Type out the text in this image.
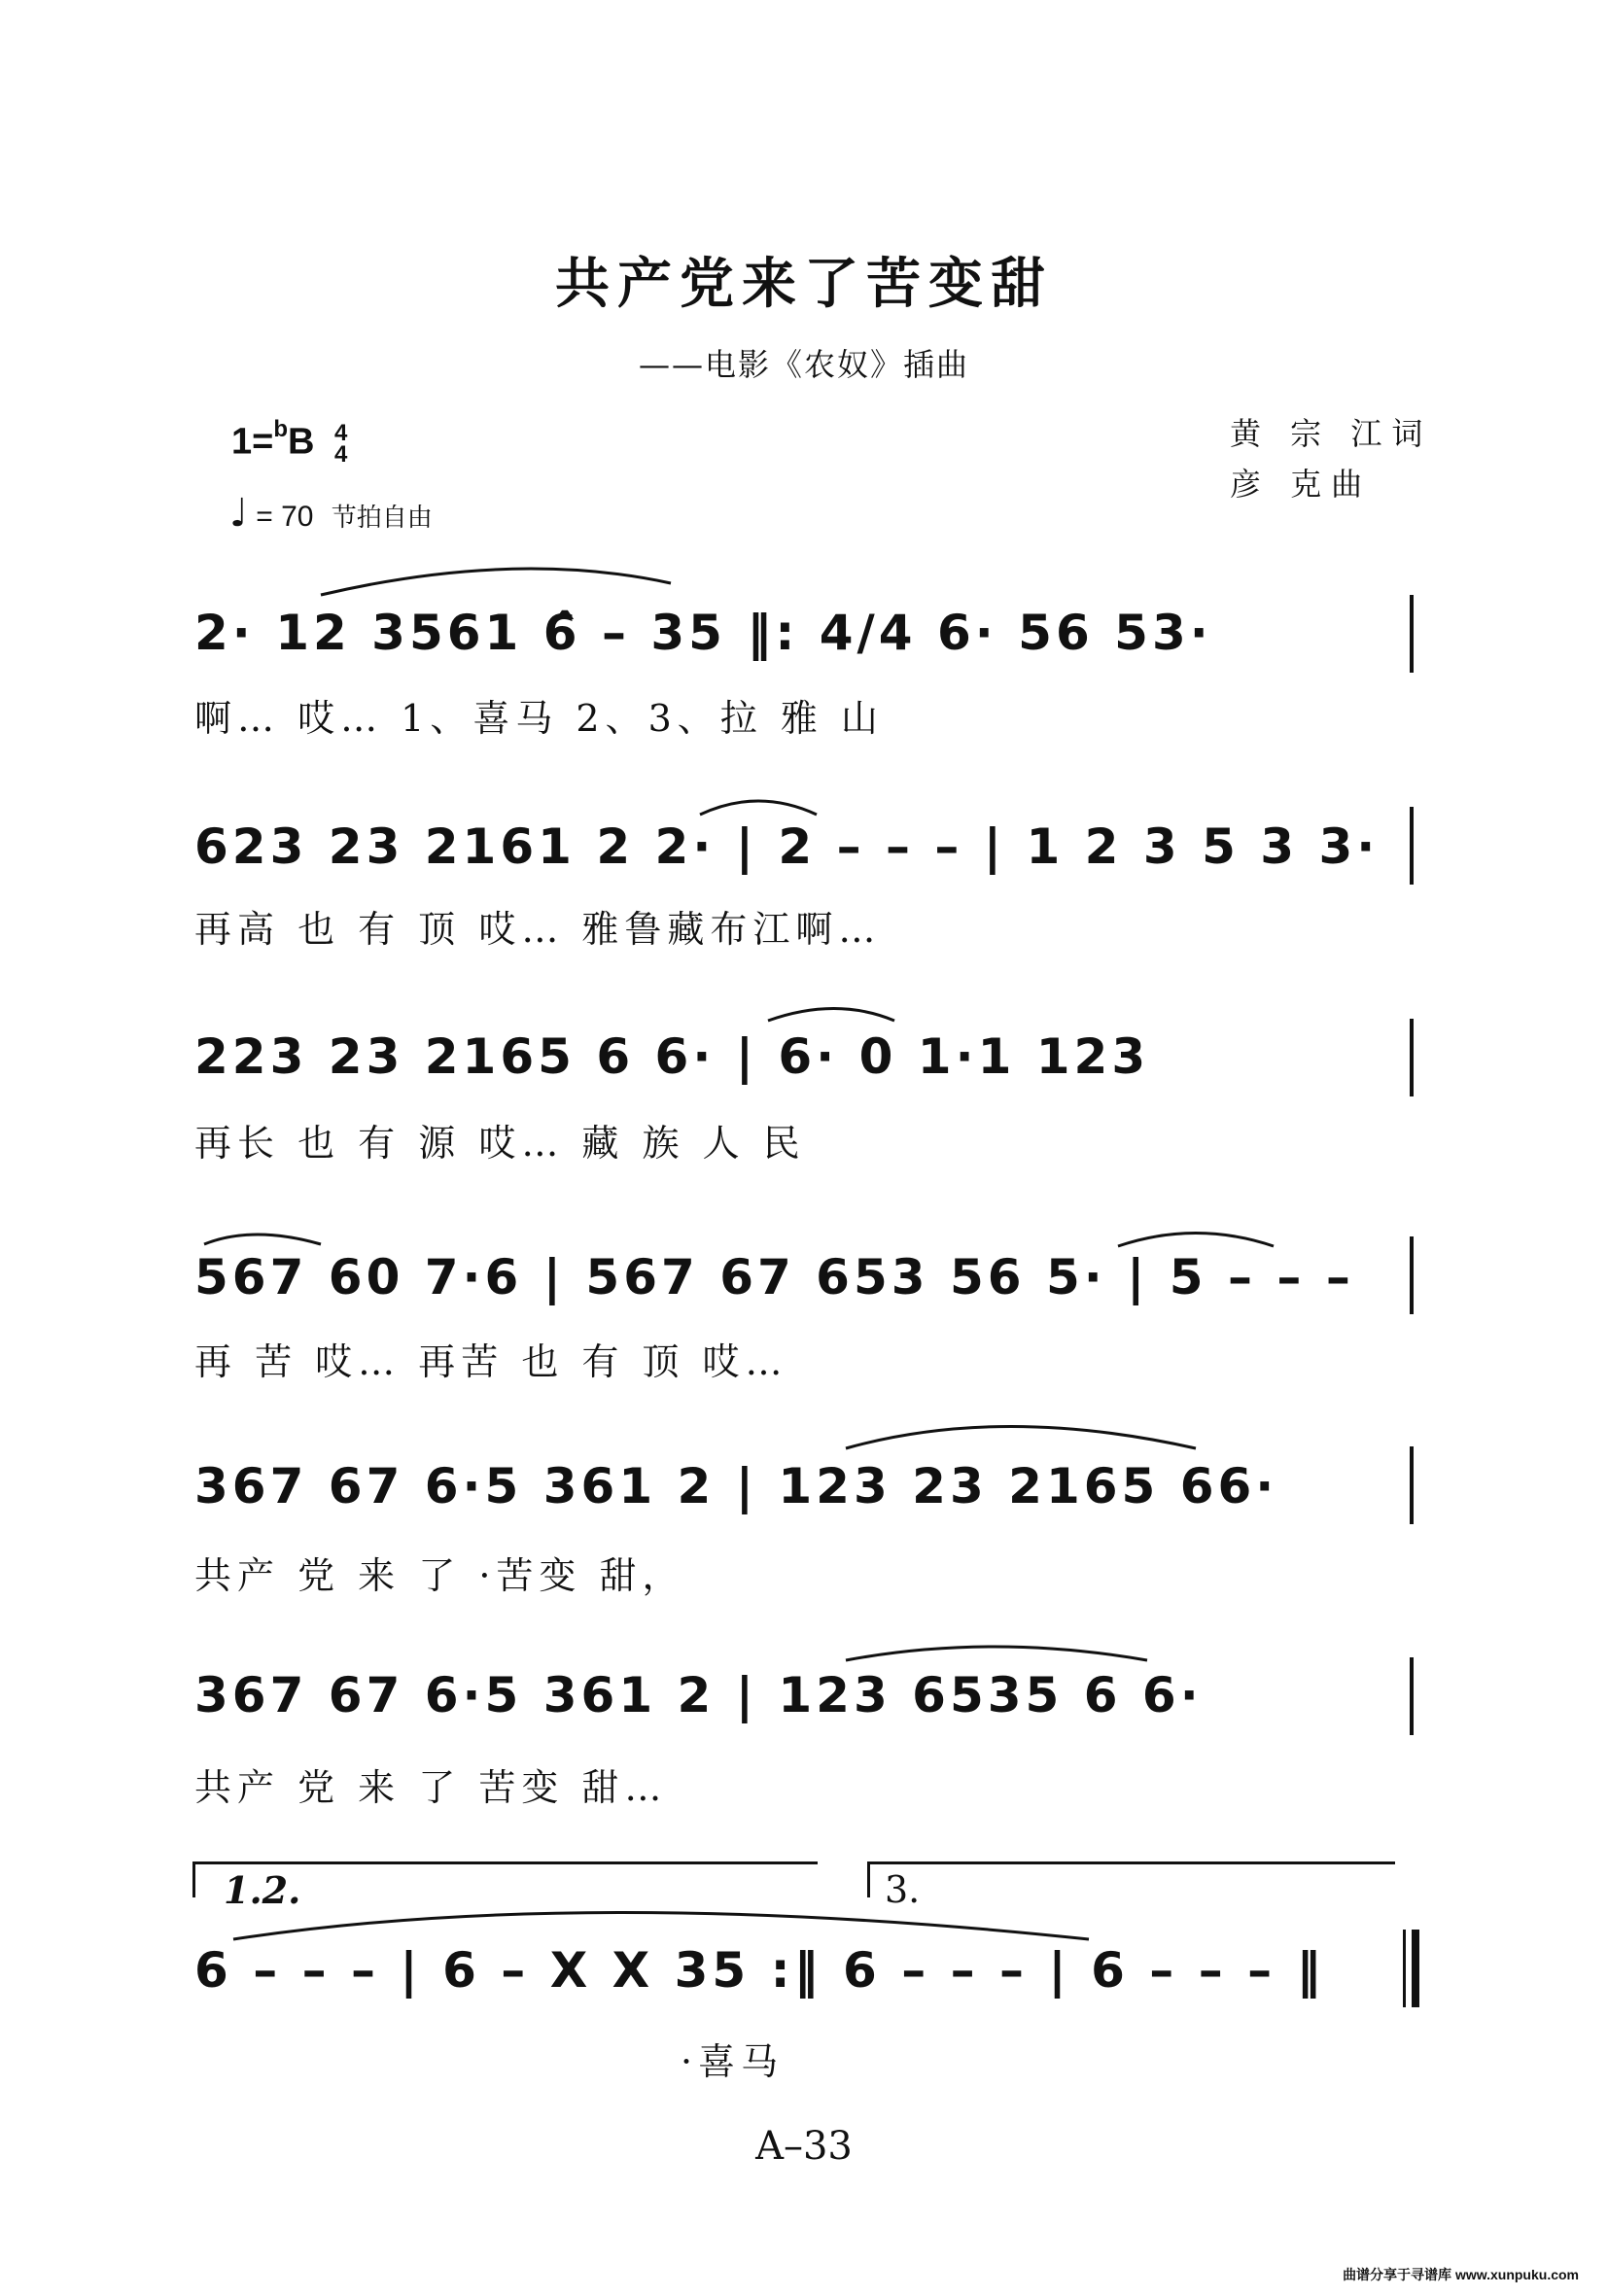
共产党来了苦变甜
——电影《农奴》插曲
黄 宗 江词
彦 克曲
1=$^b$B 4
4
♩ = 70 节拍自由
2· 12 3561 6̂ – 35 ‖: 4/4 6· 56 53·
啊… 哎… 1、喜马 2、3、拉 雅 山
623 23 2161 2 2· | 2 – – – | 1 2 3 5 3 3·
再高 也 有 顶 哎… 雅鲁藏布江啊…
223 23 2165 6 6· | 6· 0 1·1 123
再长 也 有 源 哎… 藏 族 人 民
567 60 7·6 | 567 67 653 56 5· | 5 – – –
再 苦 哎… 再苦 也 有 顶 哎…
367 67 6·5 361 2 | 123 23 2165 66·
共产 党 来 了 ·苦变 甜，
367 67 6·5 361 2 | 123 6535 6 6·
共产 党 来 了 苦变 甜…
1.2.	3.
6 – – – | 6 – X X 35 :‖ 6 – – – | 6 – – – ‖
·喜马
A–33
曲谱分享于寻谱库 www.xunpuku.com
